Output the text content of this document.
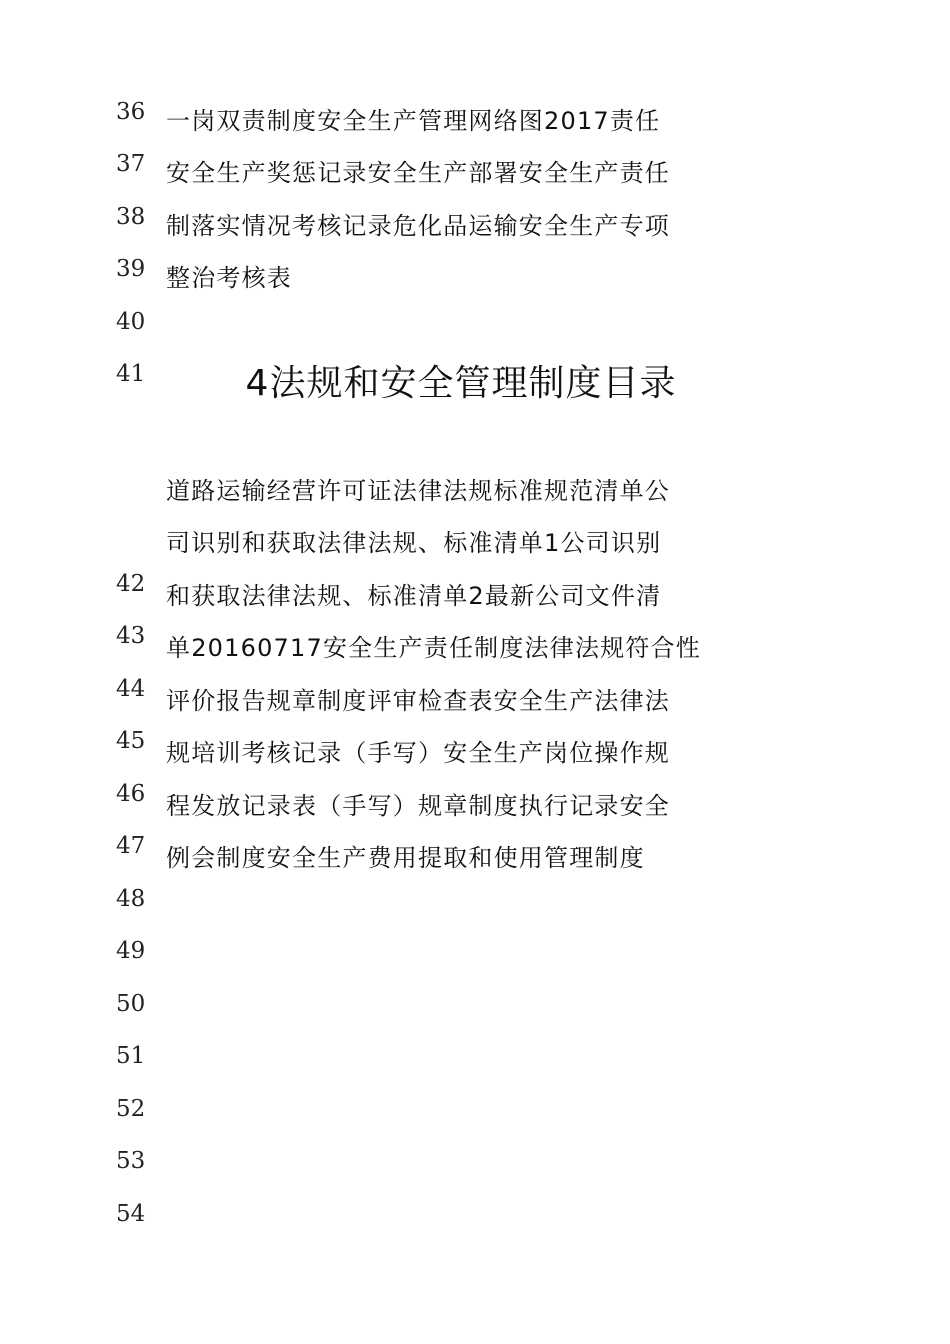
36
37
38
39
40
41
42
43
44
45
46
47
48
49
50
51
52
53
54
一岗双责制度安全生产管理网络图2017责任
安全生产奖惩记录安全生产部署安全生产责任
制落实情况考核记录危化品运输安全生产专项
整治考核表
4法规和安全管理制度目录
道路运输经营许可证法律法规标准规范清单公
司识别和获取法律法规、标准清单1公司识别
和获取法律法规、标准清单2最新公司文件清
单20160717安全生产责任制度法律法规符合性
评价报告规章制度评审检查表安全生产法律法
规培训考核记录（手写）安全生产岗位操作规
程发放记录表（手写）规章制度执行记录安全
例会制度安全生产费用提取和使用管理制度
